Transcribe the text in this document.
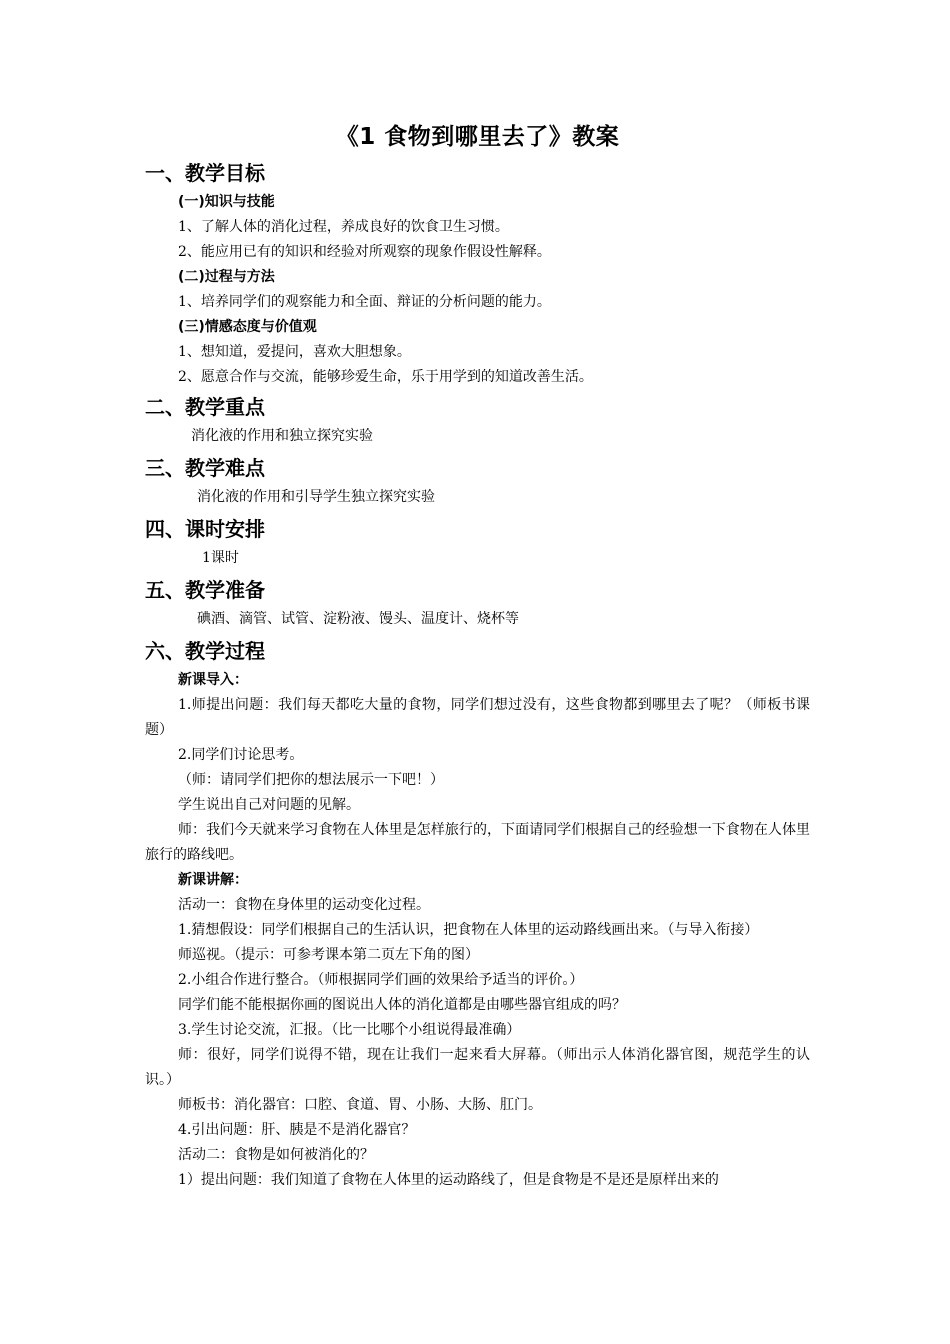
《1 食物到哪里去了》教案
一、教学目标
(一)知识与技能
1、了解人体的消化过程，养成良好的饮食卫生习惯。
2、能应用已有的知识和经验对所观察的现象作假设性解释。
(二)过程与方法
1、培养同学们的观察能力和全面、辩证的分析问题的能力。
(三)情感态度与价值观
1、想知道，爱提问，喜欢大胆想象。
2、愿意合作与交流，能够珍爱生命，乐于用学到的知道改善生活。
二、教学重点
消化液的作用和独立探究实验
三、教学难点
消化液的作用和引导学生独立探究实验
四、课时安排
1课时
五、教学准备
碘酒、滴管、试管、淀粉液、馒头、温度计、烧杯等
六、教学过程
新课导入：
1.师提出问题：我们每天都吃大量的食物，同学们想过没有，这些食物都到哪里去了呢？（师板书课题）
2.同学们讨论思考。
（师：请同学们把你的想法展示一下吧！）
学生说出自己对问题的见解。
师：我们今天就来学习食物在人体里是怎样旅行的，下面请同学们根据自己的经验想一下食物在人体里旅行的路线吧。
新课讲解：
活动一：食物在身体里的运动变化过程。
1.猜想假设：同学们根据自己的生活认识，把食物在人体里的运动路线画出来。（与导入衔接）
师巡视。（提示：可参考课本第二页左下角的图）
2.小组合作进行整合。（师根据同学们画的效果给予适当的评价。）
同学们能不能根据你画的图说出人体的消化道都是由哪些器官组成的吗？
3.学生讨论交流，汇报。（比一比哪个小组说得最准确）
师：很好，同学们说得不错，现在让我们一起来看大屏幕。（师出示人体消化器官图，规范学生的认识。）
师板书：消化器官：口腔、食道、胃、小肠、大肠、肛门。
4.引出问题：肝、胰是不是消化器官？
活动二：食物是如何被消化的？
1）提出问题：我们知道了食物在人体里的运动路线了，但是食物是不是还是原样出来的
